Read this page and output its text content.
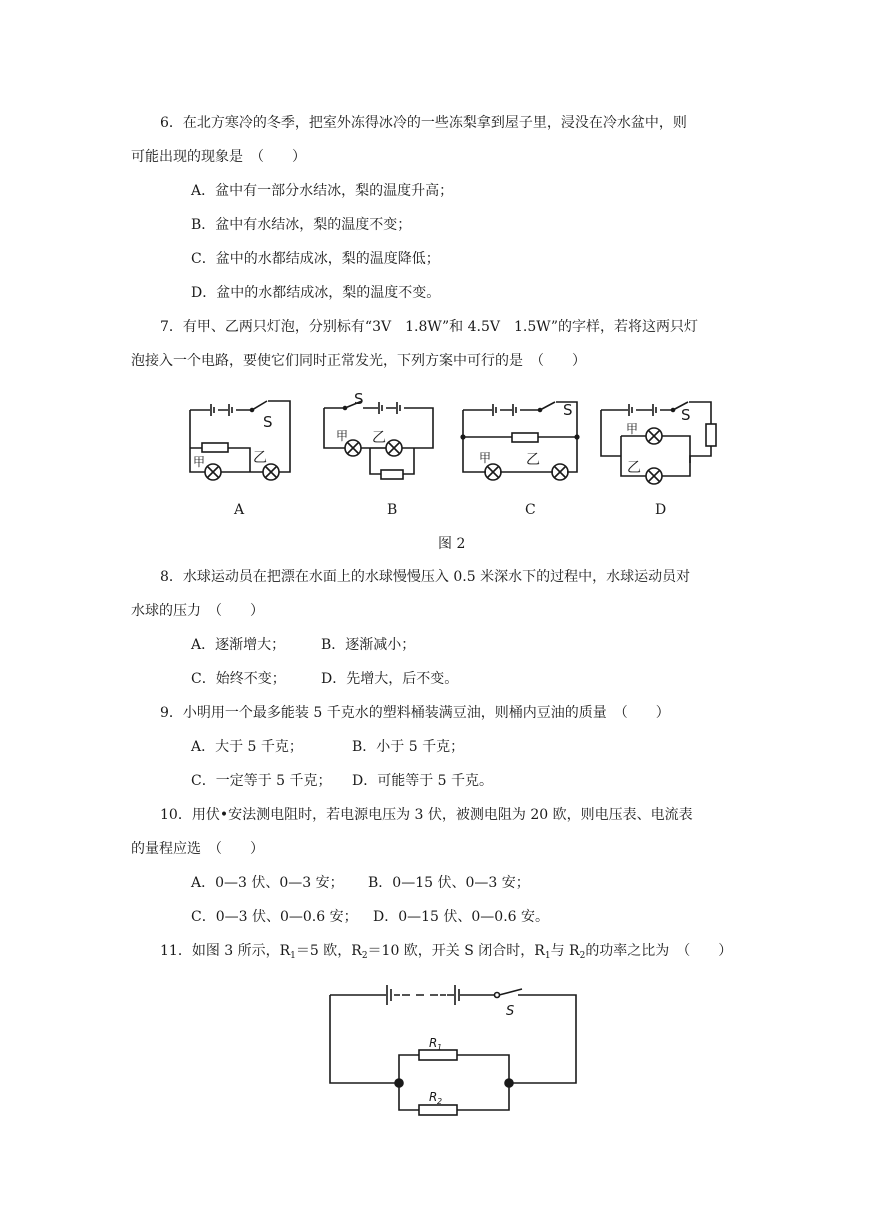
6．在北方寒冷的冬季，把室外冻得冰冷的一些冻梨拿到屋子里，浸没在冷水盆中，则
可能出现的现象是　（　　）
A．盆中有一部分水结冰，梨的温度升高；
B．盆中有水结冰，梨的温度不变；
C．盆中的水都结成冰，梨的温度降低；
D．盆中的水都结成冰，梨的温度不变。
7．有甲、乙两只灯泡，分别标有“3V　1.8W”和 4.5V　1.5W”的字样，若将这两只灯
泡接入一个电路，要使它们同时正常发光，下列方案中可行的是　（　　）
S
甲	乙
S
甲 乙
S
甲 乙
S
甲
乙
A	B	C	D
图 2
8．水球运动员在把漂在水面上的水球慢慢压入 0.5 米深水下的过程中，水球运动员对
水球的压力　（　　）
A．逐渐增大；	B．逐渐减小；
C．始终不变；	D．先增大，后不变。
9．小明用一个最多能装 5 千克水的塑料桶装满豆油，则桶内豆油的质量　（　　）
A．大于 5 千克；	B．小于 5 千克；
C．一定等于 5 千克； D．可能等于 5 千克。
10．用伏•安法测电阻时，若电源电压为 3 伏，被测电阻为 20 欧，则电压表、电流表
的量程应选　（　　）
A．0—3 伏、0—3 安； B．0—15 伏、0—3 安；
C．0—3 伏、0—0.6 安； D．0—15 伏、0—0.6 安。
11．如图 3 所示，$R_1=5$ 欧，$R_2=10$ 欧，开关 S 闭合时，$R_1$与 $R_2$的功率之比为　（　　）
S
R 1
R 2
